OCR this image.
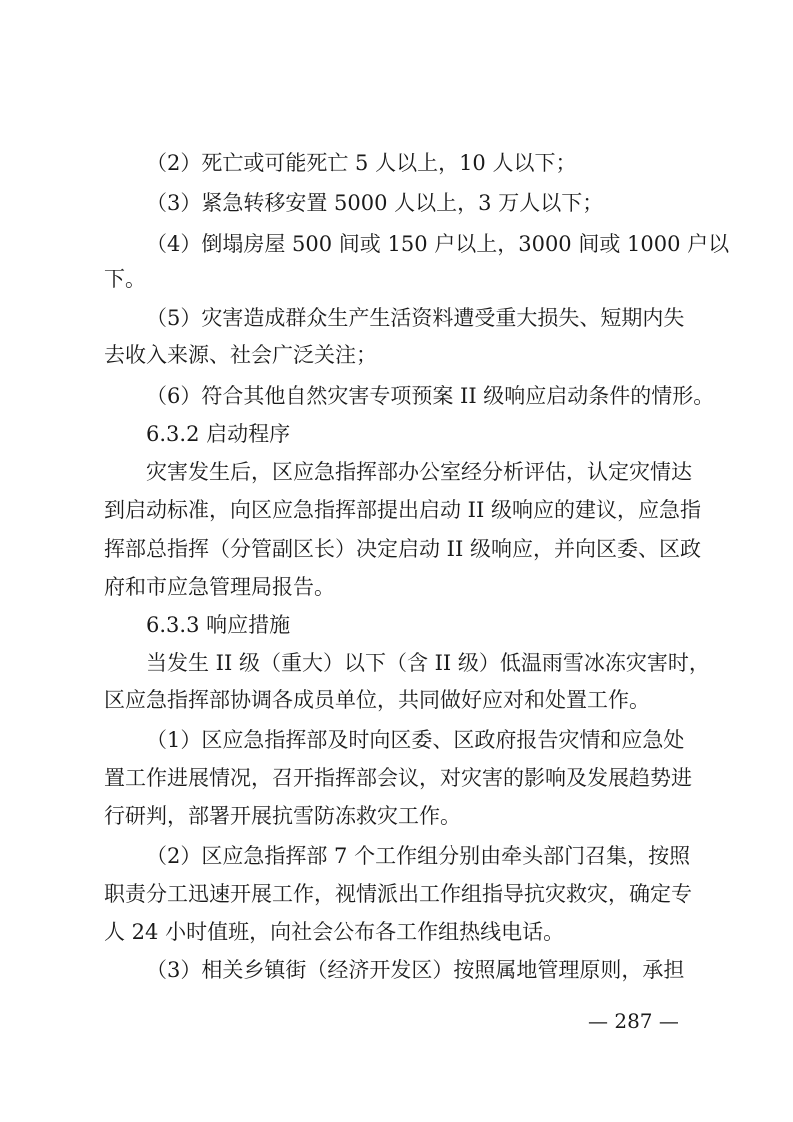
（2）死亡或可能死亡 5 人以上，10 人以下；
（3）紧急转移安置 5000 人以上，3 万人以下；
（4）倒塌房屋 500 间或 150 户以上，3000 间或 1000 户以
下。
（5）灾害造成群众生产生活资料遭受重大损失、短期内失
去收入来源、社会广泛关注；
（6）符合其他自然灾害专项预案 II 级响应启动条件的情形。
6.3.2 启动程序
灾害发生后，区应急指挥部办公室经分析评估，认定灾情达
到启动标准，向区应急指挥部提出启动 II 级响应的建议，应急指
挥部总指挥（分管副区长）决定启动 II 级响应，并向区委、区政
府和市应急管理局报告。
6.3.3 响应措施
当发生 II 级（重大）以下（含 II 级）低温雨雪冰冻灾害时，
区应急指挥部协调各成员单位，共同做好应对和处置工作。
（1）区应急指挥部及时向区委、区政府报告灾情和应急处
置工作进展情况，召开指挥部会议，对灾害的影响及发展趋势进
行研判，部署开展抗雪防冻救灾工作。
（2）区应急指挥部 7 个工作组分别由牵头部门召集，按照
职责分工迅速开展工作，视情派出工作组指导抗灾救灾，确定专
人 24 小时值班，向社会公布各工作组热线电话。
（3）相关乡镇街（经济开发区）按照属地管理原则，承担
— 287 —
